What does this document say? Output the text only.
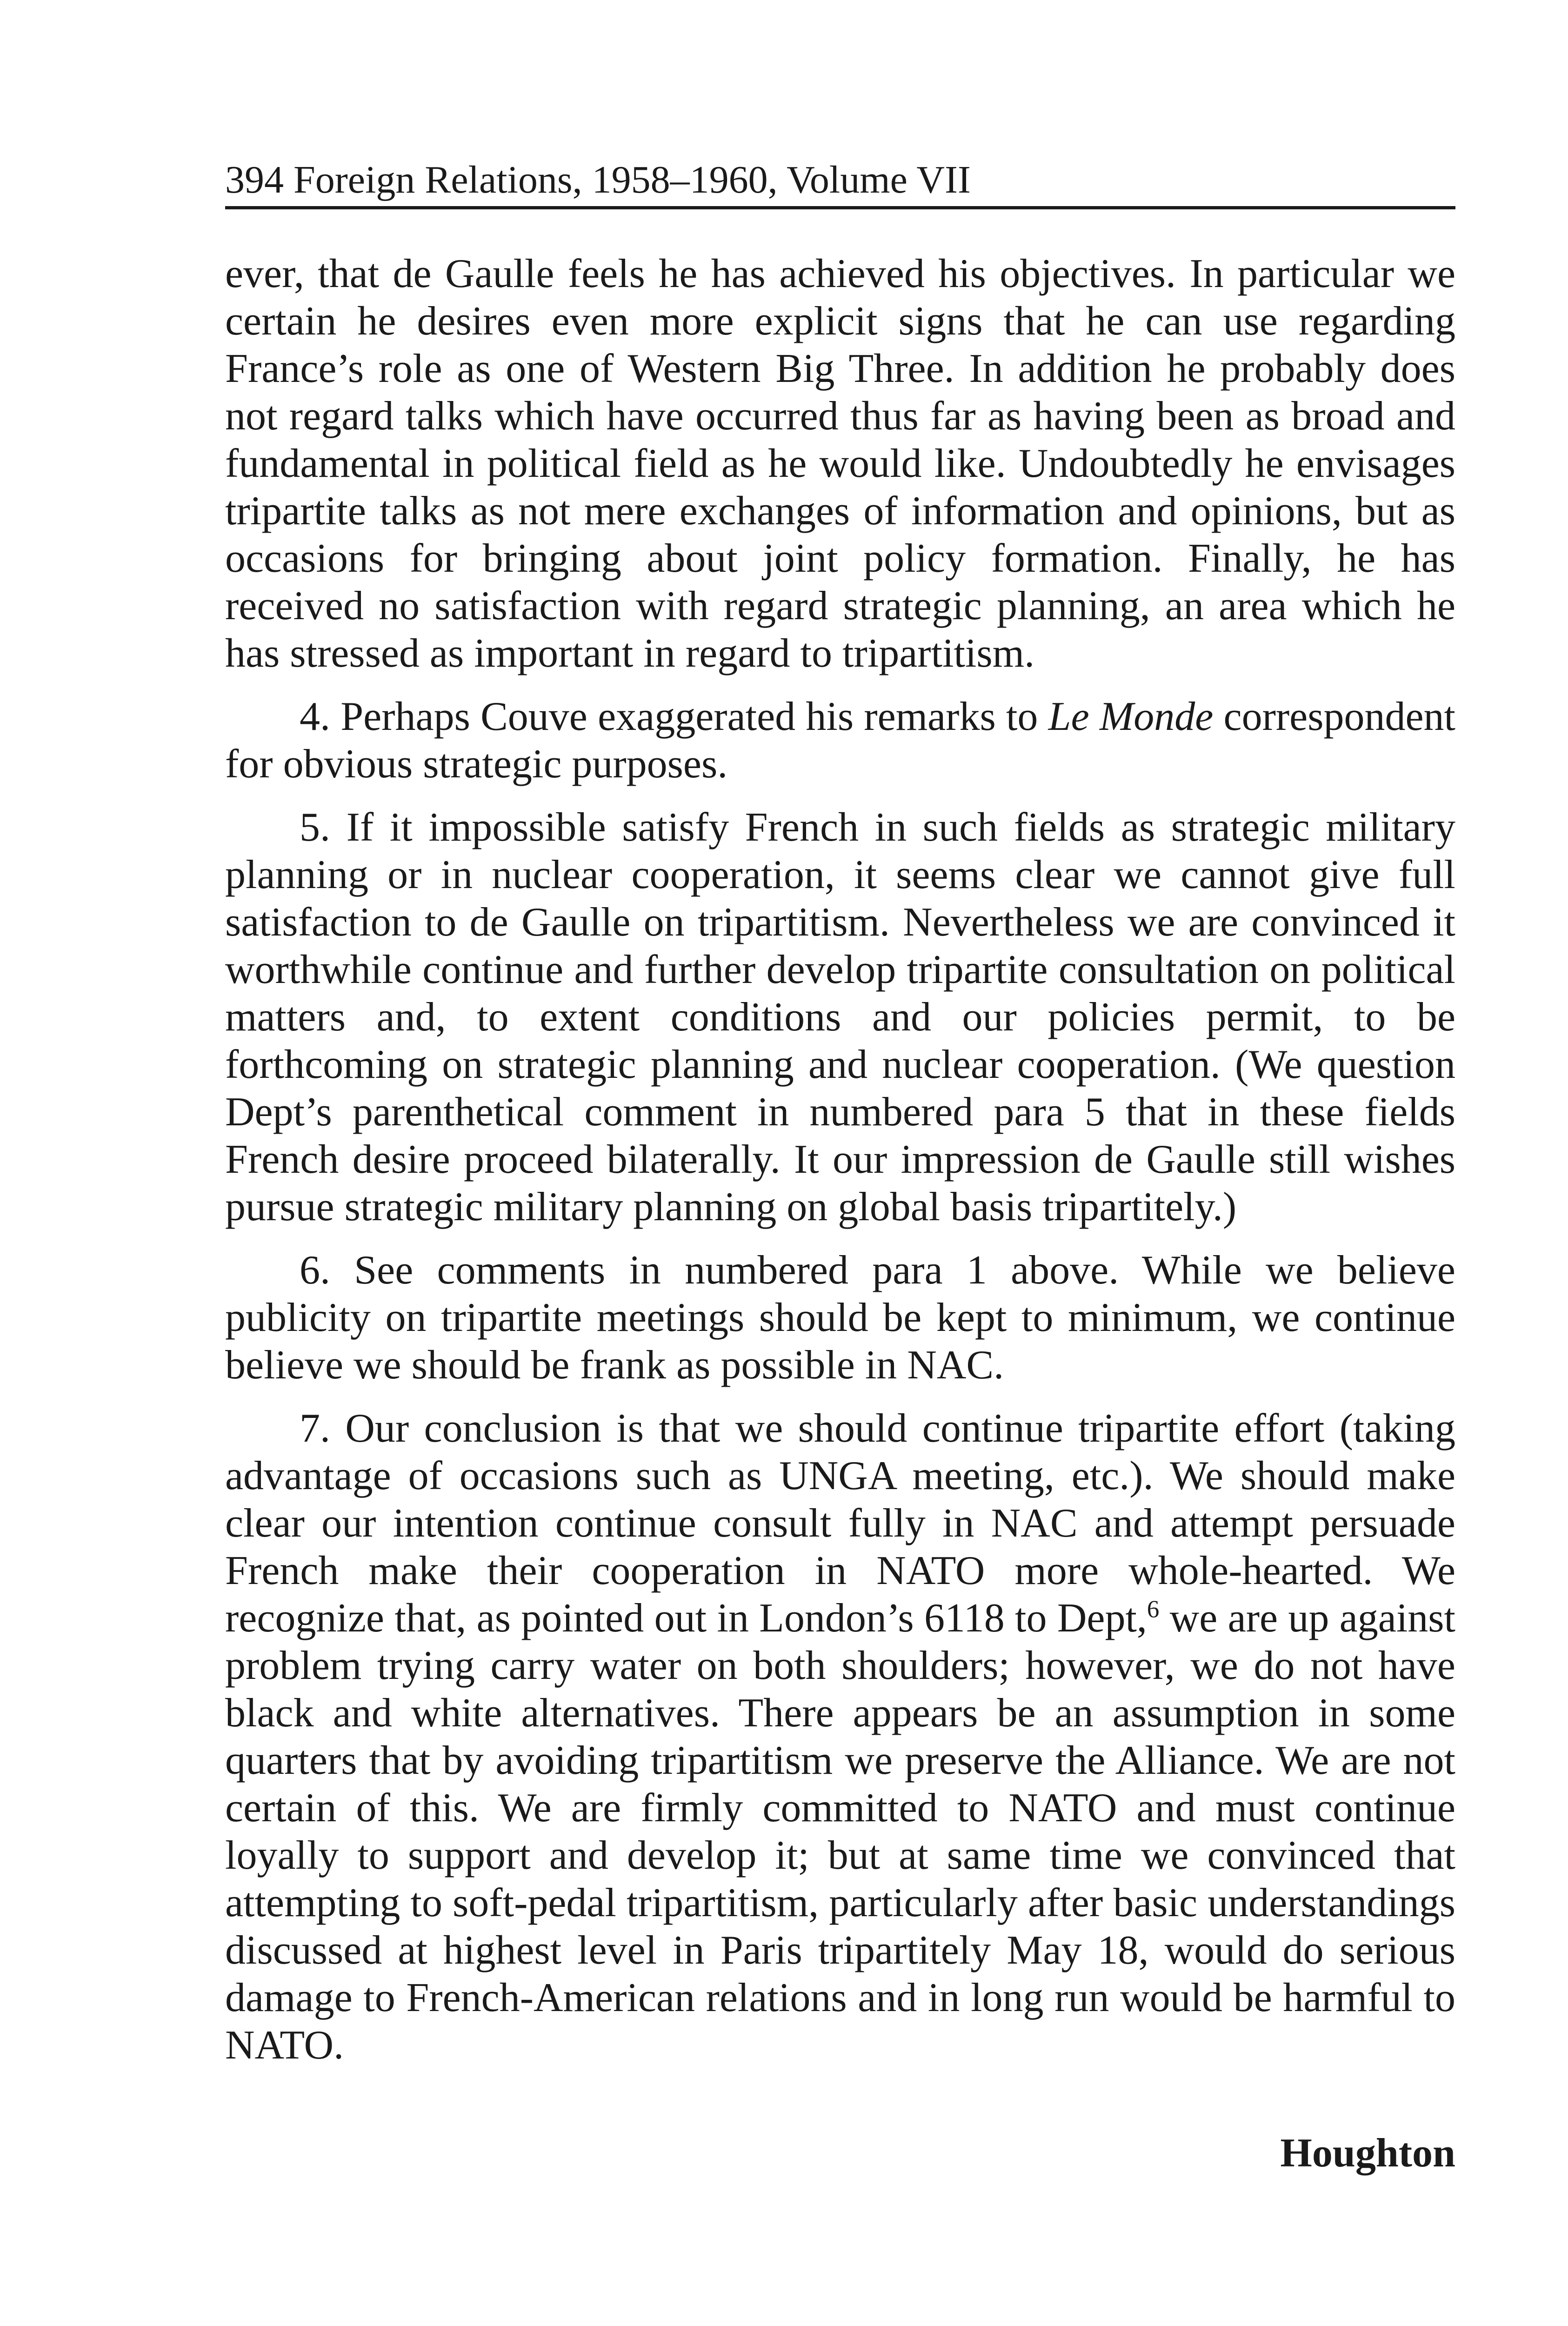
394 Foreign Relations, 1958–1960, Volume VII

ever, that de Gaulle feels he has achieved his objectives. In particular we certain he desires even more explicit signs that he can use regarding France’s role as one of Western Big Three. In addition he probably does not regard talks which have occurred thus far as having been as broad and fundamental in political field as he would like. Undoubtedly he envisages tripartite talks as not mere exchanges of information and opinions, but as occasions for bringing about joint policy formation. Finally, he has received no satisfaction with regard strategic planning, an area which he has stressed as important in regard to tripartitism.

4. Perhaps Couve exaggerated his remarks to Le Monde correspondent for obvious strategic purposes.

5. If it impossible satisfy French in such fields as strategic military planning or in nuclear cooperation, it seems clear we cannot give full satisfaction to de Gaulle on tripartitism. Nevertheless we are convinced it worthwhile continue and further develop tripartite consultation on political matters and, to extent conditions and our policies permit, to be forthcoming on strategic planning and nuclear cooperation. (We question Dept’s parenthetical comment in numbered para 5 that in these fields French desire proceed bilaterally. It our impression de Gaulle still wishes pursue strategic military planning on global basis tripartitely.)

6. See comments in numbered para 1 above. While we believe publicity on tripartite meetings should be kept to minimum, we continue believe we should be frank as possible in NAC.

7. Our conclusion is that we should continue tripartite effort (taking advantage of occasions such as UNGA meeting, etc.). We should make clear our intention continue consult fully in NAC and attempt persuade French make their cooperation in NATO more whole-hearted. We recognize that, as pointed out in London’s 6118 to Dept,$^6$ we are up against problem trying carry water on both shoulders; however, we do not have black and white alternatives. There appears be an assumption in some quarters that by avoiding tripartitism we preserve the Alliance. We are not certain of this. We are firmly committed to NATO and must continue loyally to support and develop it; but at same time we convinced that attempting to soft-pedal tripartitism, particularly after basic understandings discussed at highest level in Paris tripartitely May 18, would do serious damage to French-American relations and in long run would be harmful to NATO.

Houghton
